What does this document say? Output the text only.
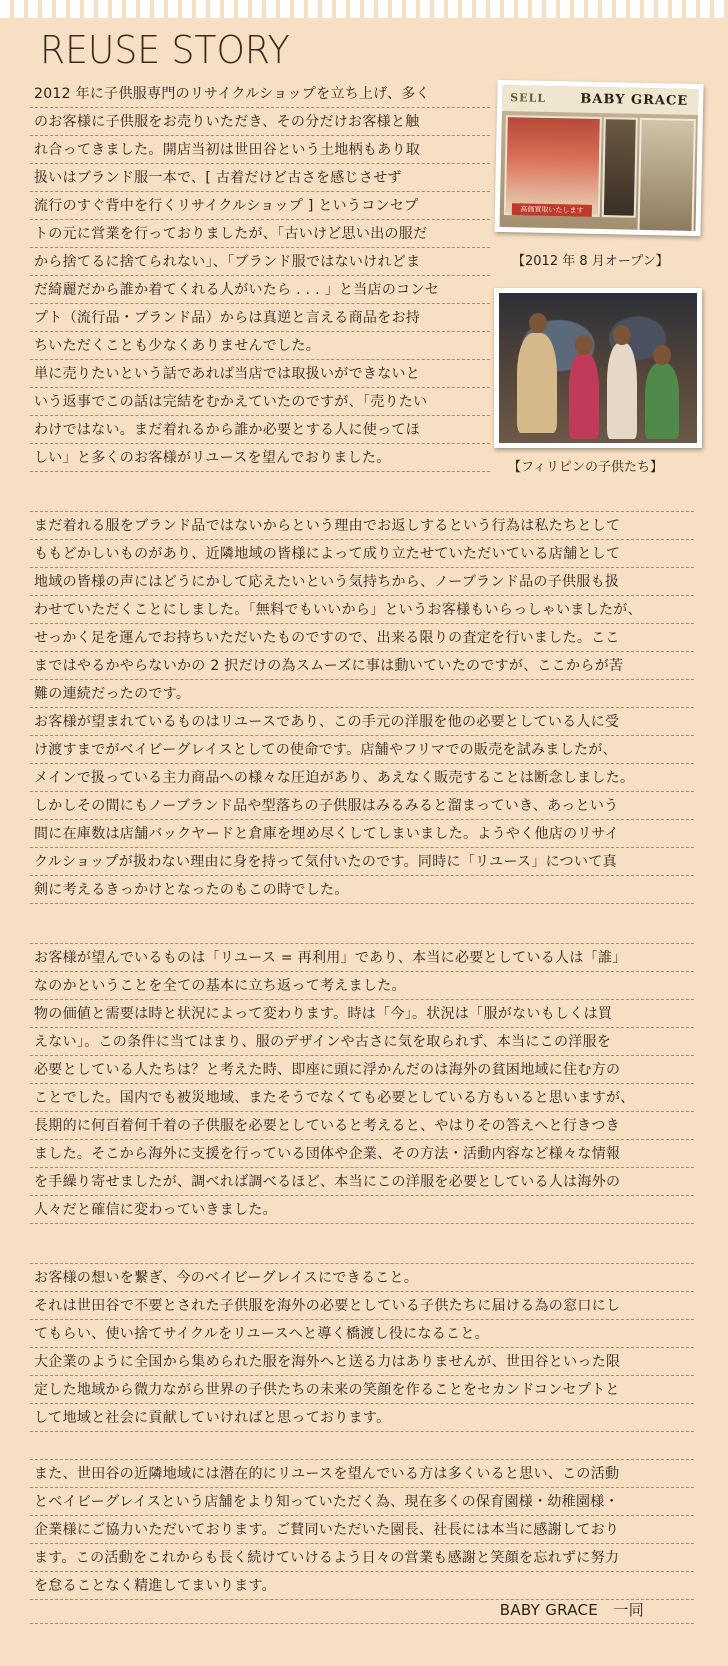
REUSE STORY
2012 年に子供服専門のリサイクルショップを立ち上げ、多く
のお客様に子供服をお売りいただき、その分だけお客様と触
れ合ってきました。開店当初は世田谷という土地柄もあり取
扱いはブランド服一本で、[ 古着だけど古さを感じさせず
流行のすぐ背中を行くリサイクルショップ ] というコンセプ
トの元に営業を行っておりましたが、「古いけど思い出の服だ
から捨てるに捨てられない」、「ブランド服ではないけれどま
だ綺麗だから誰か着てくれる人がいたら . . . 」と当店のコンセ
プト（流行品・ブランド品）からは真逆と言える商品をお持
ちいただくことも少なくありませんでした。
単に売りたいという話であれば当店では取扱いができないと
いう返事でこの話は完結をむかえていたのですが、「売りたい
わけではない。まだ着れるから誰か必要とする人に使ってほ
しい」と多くのお客様がリユースを望んでおりました。
SELL	BABY GRACE
高価買取いたします
【2012 年 8 月オープン】
【フィリピンの子供たち】
まだ着れる服をブランド品ではないからという理由でお返しするという行為は私たちとして
ももどかしいものがあり、近隣地域の皆様によって成り立たせていただいている店舗として
地域の皆様の声にはどうにかして応えたいという気持ちから、ノーブランド品の子供服も扱
わせていただくことにしました。「無料でもいいから」というお客様もいらっしゃいましたが、
せっかく足を運んでお持ちいただいたものですので、出来る限りの査定を行いました。ここ
まではやるかやらないかの 2 択だけの為スムーズに事は動いていたのですが、ここからが苦
難の連続だったのです。
お客様が望まれているものはリユースであり、この手元の洋服を他の必要としている人に受
け渡すまでがベイビーグレイスとしての使命です。店舗やフリマでの販売を試みましたが、
メインで扱っている主力商品への様々な圧迫があり、あえなく販売することは断念しました。
しかしその間にもノーブランド品や型落ちの子供服はみるみると溜まっていき、あっという
間に在庫数は店舗バックヤードと倉庫を埋め尽くしてしまいました。ようやく他店のリサイ
クルショップが扱わない理由に身を持って気付いたのです。同時に「リユース」について真
剣に考えるきっかけとなったのもこの時でした。
お客様が望んでいるものは「リユース = 再利用」であり、本当に必要としている人は「誰」
なのかということを全ての基本に立ち返って考えました。
物の価値と需要は時と状況によって変わります。時は「今」。状況は「服がないもしくは買
えない」。この条件に当てはまり、服のデザインや古さに気を取られず、本当にこの洋服を
必要としている人たちは？と考えた時、即座に頭に浮かんだのは海外の貧困地域に住む方の
ことでした。国内でも被災地域、またそうでなくても必要としている方もいると思いますが、
長期的に何百着何千着の子供服を必要としていると考えると、やはりその答えへと行きつき
ました。そこから海外に支援を行っている団体や企業、その方法・活動内容など様々な情報
を手繰り寄せましたが、調べれば調べるほど、本当にこの洋服を必要としている人は海外の
人々だと確信に変わっていきました。
お客様の想いを繋ぎ、今のベイビーグレイスにできること。
それは世田谷で不要とされた子供服を海外の必要としている子供たちに届ける為の窓口にし
てもらい、使い捨てサイクルをリユースへと導く橋渡し役になること。
大企業のように全国から集められた服を海外へと送る力はありませんが、世田谷といった限
定した地域から微力ながら世界の子供たちの未来の笑顔を作ることをセカンドコンセプトと
して地域と社会に貢献していければと思っております。
また、世田谷の近隣地域には潜在的にリユースを望んでいる方は多くいると思い、この活動
とベイビーグレイスという店舗をより知っていただく為、現在多くの保育園様・幼稚園様・
企業様にご協力いただいております。ご賛同いただいた園長、社長には本当に感謝しており
ます。この活動をこれからも長く続けていけるよう日々の営業も感謝と笑顔を忘れずに努力
を怠ることなく精進してまいります。
BABY GRACE　一同
